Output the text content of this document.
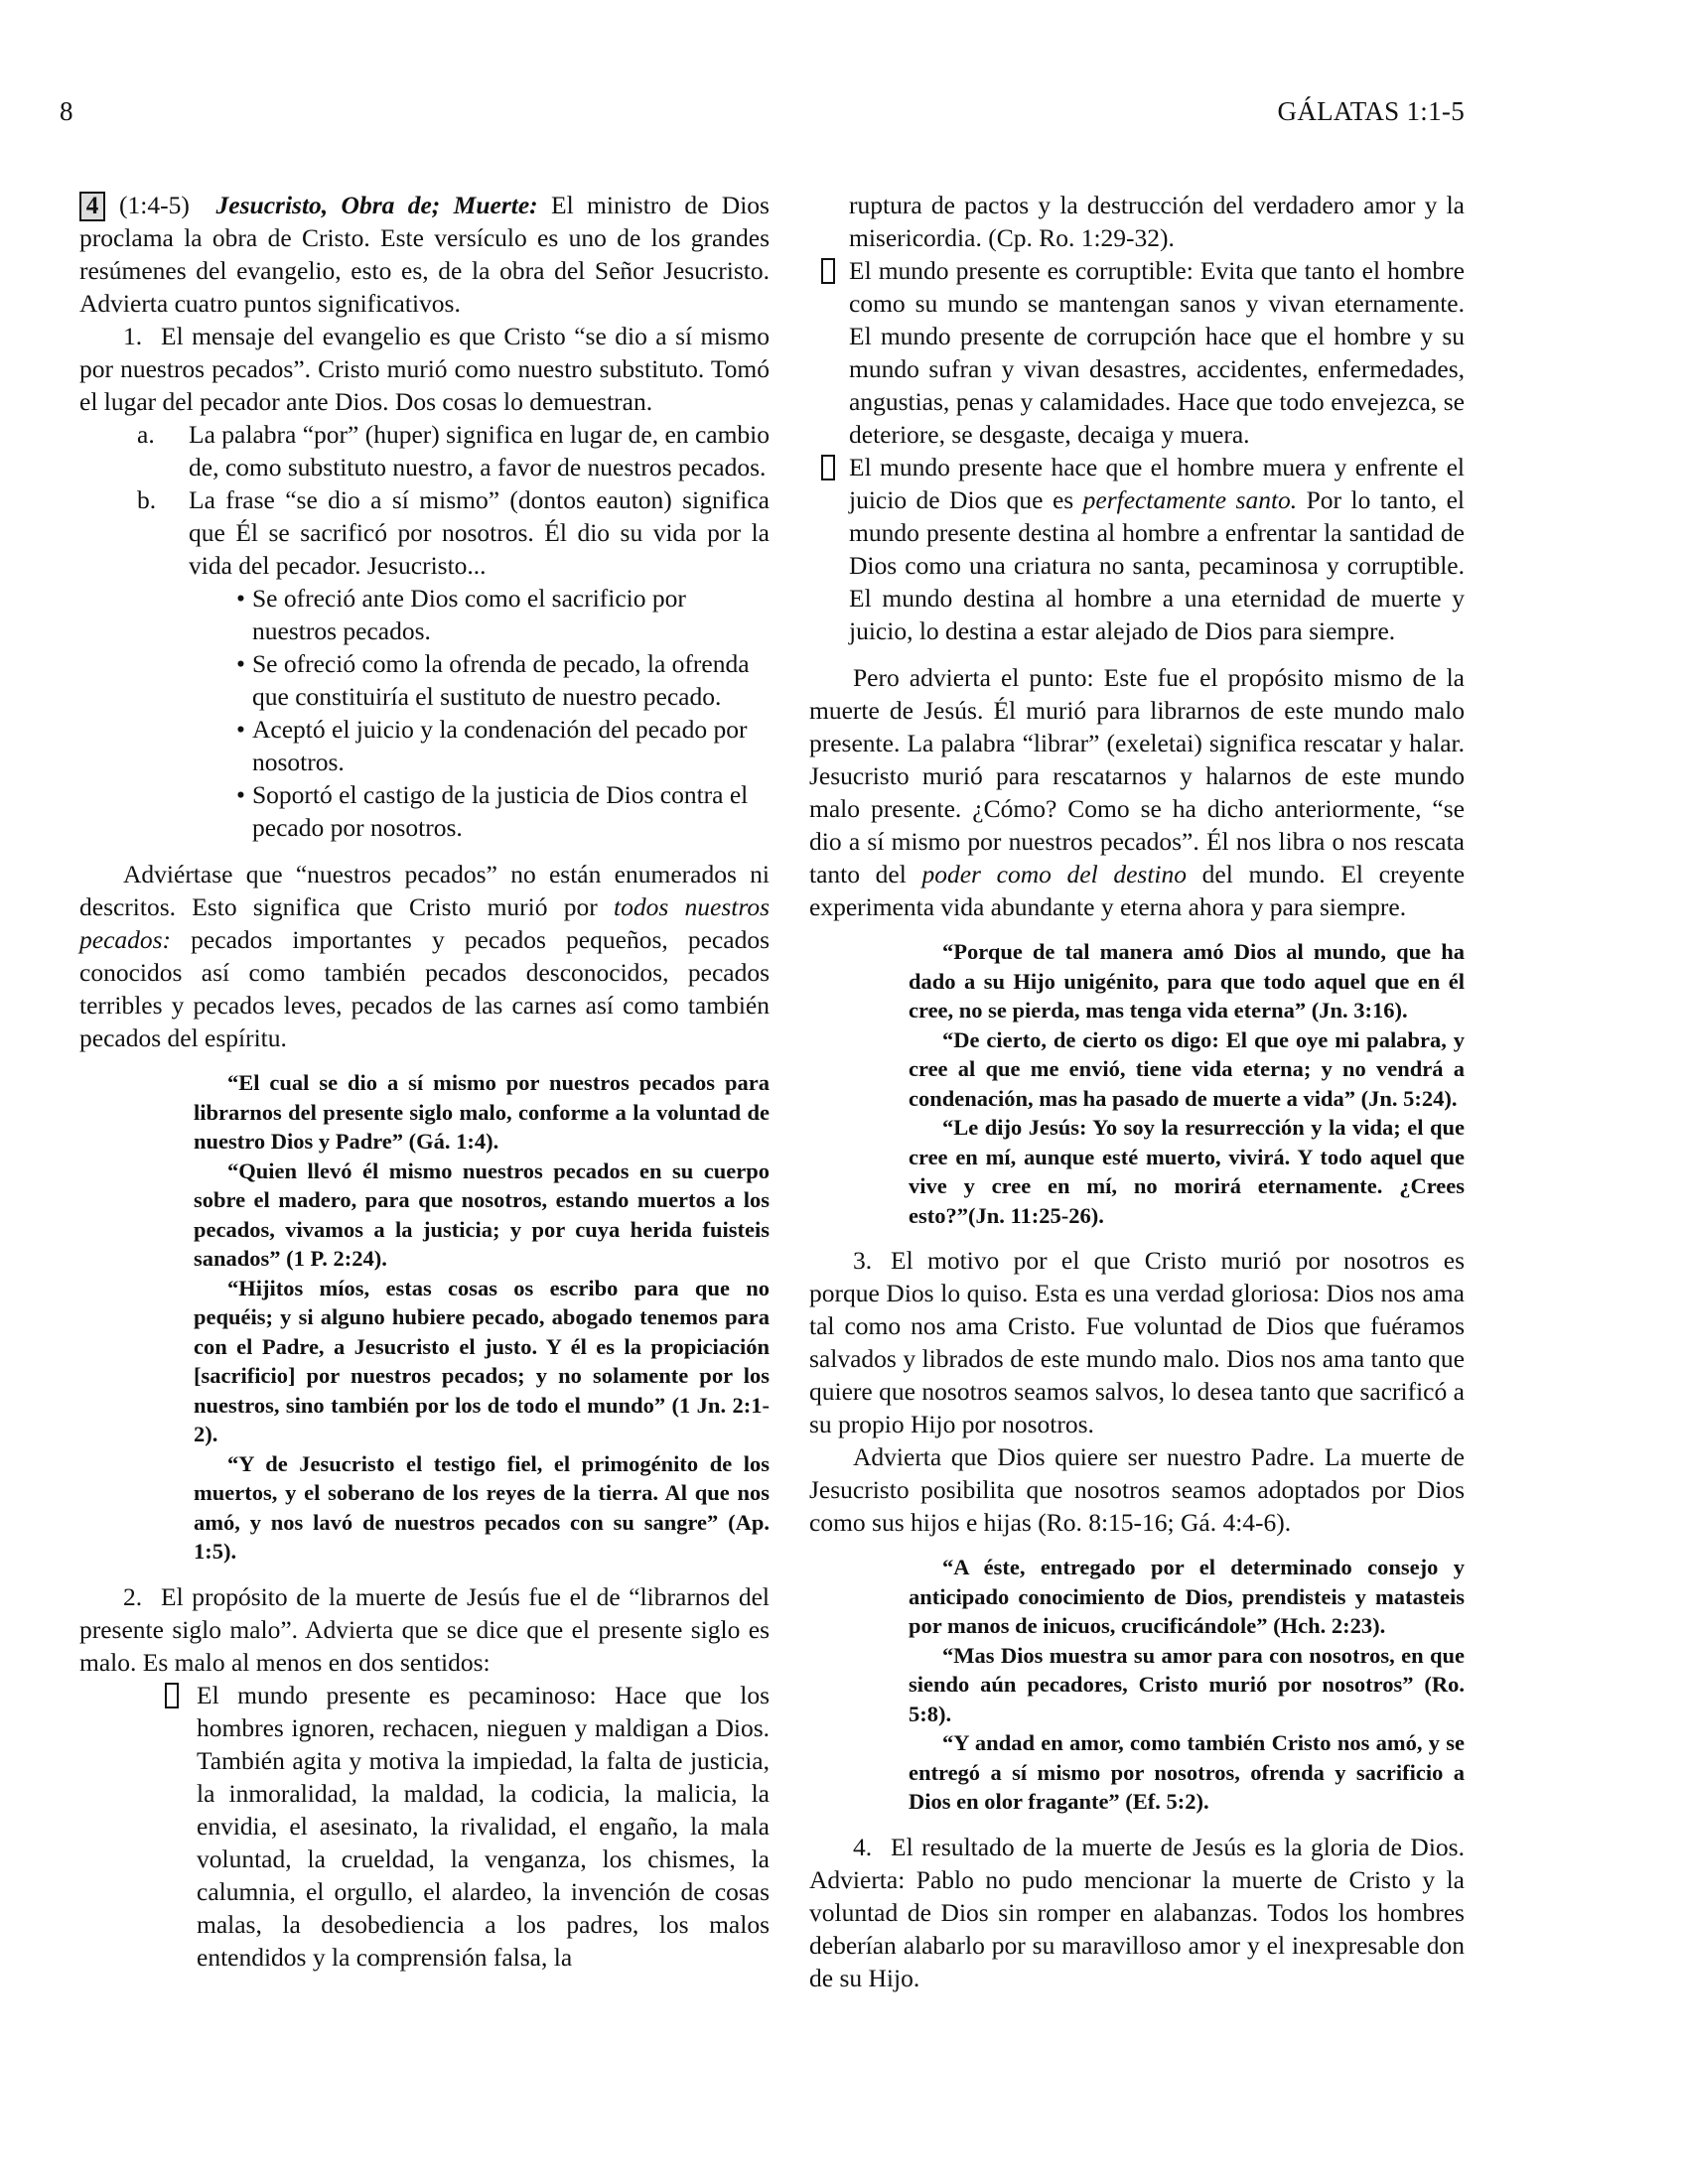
8	GÁLATAS 1:1-5

4 (1:4-5) Jesucristo, Obra de; Muerte: El ministro de Dios proclama la obra de Cristo. Este versículo es uno de los grandes resúmenes del evangelio, esto es, de la obra del Señor Jesucristo. Advierta cuatro puntos significativos.

1. El mensaje del evangelio es que Cristo “se dio a sí mismo por nuestros pecados”. Cristo murió como nuestro substituto. Tomó el lugar del pecador ante Dios. Dos cosas lo demuestran.

a.	La palabra “por” (huper) significa en lugar de, en cambio de, como substituto nuestro, a favor de nuestros pecados.
b.	La frase “se dio a sí mismo” (dontos eauton) significa que Él se sacrificó por nosotros. Él dio su vida por la vida del pecador. Jesucristo...
• Se ofreció ante Dios como el sacrificio por nuestros pecados.
• Se ofreció como la ofrenda de pecado, la ofrenda que constituiría el sustituto de nuestro pecado.
• Aceptó el juicio y la condenación del pecado por nosotros.
• Soportó el castigo de la justicia de Dios contra el pecado por nosotros.

Adviértase que “nuestros pecados” no están enumerados ni descritos. Esto significa que Cristo murió por todos nuestros pecados: pecados importantes y pecados pequeños, pecados conocidos así como también pecados desconocidos, pecados terribles y pecados leves, pecados de las carnes así como también pecados del espíritu.

“El cual se dio a sí mismo por nuestros pecados para librarnos del presente siglo malo, conforme a la voluntad de nuestro Dios y Padre” (Gá. 1:4).

“Quien llevó él mismo nuestros pecados en su cuerpo sobre el madero, para que nosotros, estando muertos a los pecados, vivamos a la justicia; y por cuya herida fuisteis sanados” (1 P. 2:24).

“Hijitos míos, estas cosas os escribo para que no pequéis; y si alguno hubiere pecado, abogado tenemos para con el Padre, a Jesucristo el justo. Y él es la propiciación [sacrificio] por nuestros pecados; y no solamente por los nuestros, sino también por los de todo el mundo” (1 Jn. 2:1-2).

“Y de Jesucristo el testigo fiel, el primogénito de los muertos, y el soberano de los reyes de la tierra. Al que nos amó, y nos lavó de nuestros pecados con su sangre” (Ap. 1:5).

2. El propósito de la muerte de Jesús fue el de “librarnos del presente siglo malo”. Advierta que se dice que el presente siglo es malo. Es malo al menos en dos sentidos:

El mundo presente es pecaminoso: Hace que los hombres ignoren, rechacen, nieguen y maldigan a Dios. También agita y motiva la impiedad, la falta de justicia, la inmoralidad, la maldad, la codicia, la malicia, la envidia, el asesinato, la rivalidad, el engaño, la mala voluntad, la crueldad, la venganza, los chismes, la calumnia, el orgullo, el alardeo, la invención de cosas malas, la desobediencia a los padres, los malos entendidos y la comprensión falsa, la

ruptura de pactos y la destrucción del verdadero amor y la misericordia. (Cp. Ro. 1:29-32).

El mundo presente es corruptible: Evita que tanto el hombre como su mundo se mantengan sanos y vivan eternamente. El mundo presente de corrupción hace que el hombre y su mundo sufran y vivan desastres, accidentes, enfermedades, angustias, penas y calamidades. Hace que todo envejezca, se deteriore, se desgaste, decaiga y muera.
El mundo presente hace que el hombre muera y enfrente el juicio de Dios que es perfectamente santo. Por lo tanto, el mundo presente destina al hombre a enfrentar la santidad de Dios como una criatura no santa, pecaminosa y corruptible. El mundo destina al hombre a una eternidad de muerte y juicio, lo destina a estar alejado de Dios para siempre.

Pero advierta el punto: Este fue el propósito mismo de la muerte de Jesús. Él murió para librarnos de este mundo malo presente. La palabra “librar” (exeletai) significa rescatar y halar. Jesucristo murió para rescatarnos y halarnos de este mundo malo presente. ¿Cómo? Como se ha dicho anteriormente, “se dio a sí mismo por nuestros pecados”. Él nos libra o nos rescata tanto del poder como del destino del mundo. El creyente experimenta vida abundante y eterna ahora y para siempre.

“Porque de tal manera amó Dios al mundo, que ha dado a su Hijo unigénito, para que todo aquel que en él cree, no se pierda, mas tenga vida eterna” (Jn. 3:16).

“De cierto, de cierto os digo: El que oye mi palabra, y cree al que me envió, tiene vida eterna; y no vendrá a condenación, mas ha pasado de muerte a vida” (Jn. 5:24).

“Le dijo Jesús: Yo soy la resurrección y la vida; el que cree en mí, aunque esté muerto, vivirá. Y todo aquel que vive y cree en mí, no morirá eternamente. ¿Crees esto?”(Jn. 11:25-26).

3. El motivo por el que Cristo murió por nosotros es porque Dios lo quiso. Esta es una verdad gloriosa: Dios nos ama tal como nos ama Cristo. Fue voluntad de Dios que fuéramos salvados y librados de este mundo malo. Dios nos ama tanto que quiere que nosotros seamos salvos, lo desea tanto que sacrificó a su propio Hijo por nosotros.

Advierta que Dios quiere ser nuestro Padre. La muerte de Jesucristo posibilita que nosotros seamos adoptados por Dios como sus hijos e hijas (Ro. 8:15-16; Gá. 4:4-6).

“A éste, entregado por el determinado consejo y anticipado conocimiento de Dios, prendisteis y matasteis por manos de inicuos, crucificándole” (Hch. 2:23).

“Mas Dios muestra su amor para con nosotros, en que siendo aún pecadores, Cristo murió por nosotros” (Ro. 5:8).

“Y andad en amor, como también Cristo nos amó, y se entregó a sí mismo por nosotros, ofrenda y sacrificio a Dios en olor fragante” (Ef. 5:2).

4. El resultado de la muerte de Jesús es la gloria de Dios. Advierta: Pablo no pudo mencionar la muerte de Cristo y la voluntad de Dios sin romper en alabanzas. Todos los hombres deberían alabarlo por su maravilloso amor y el inexpresable don de su Hijo.
